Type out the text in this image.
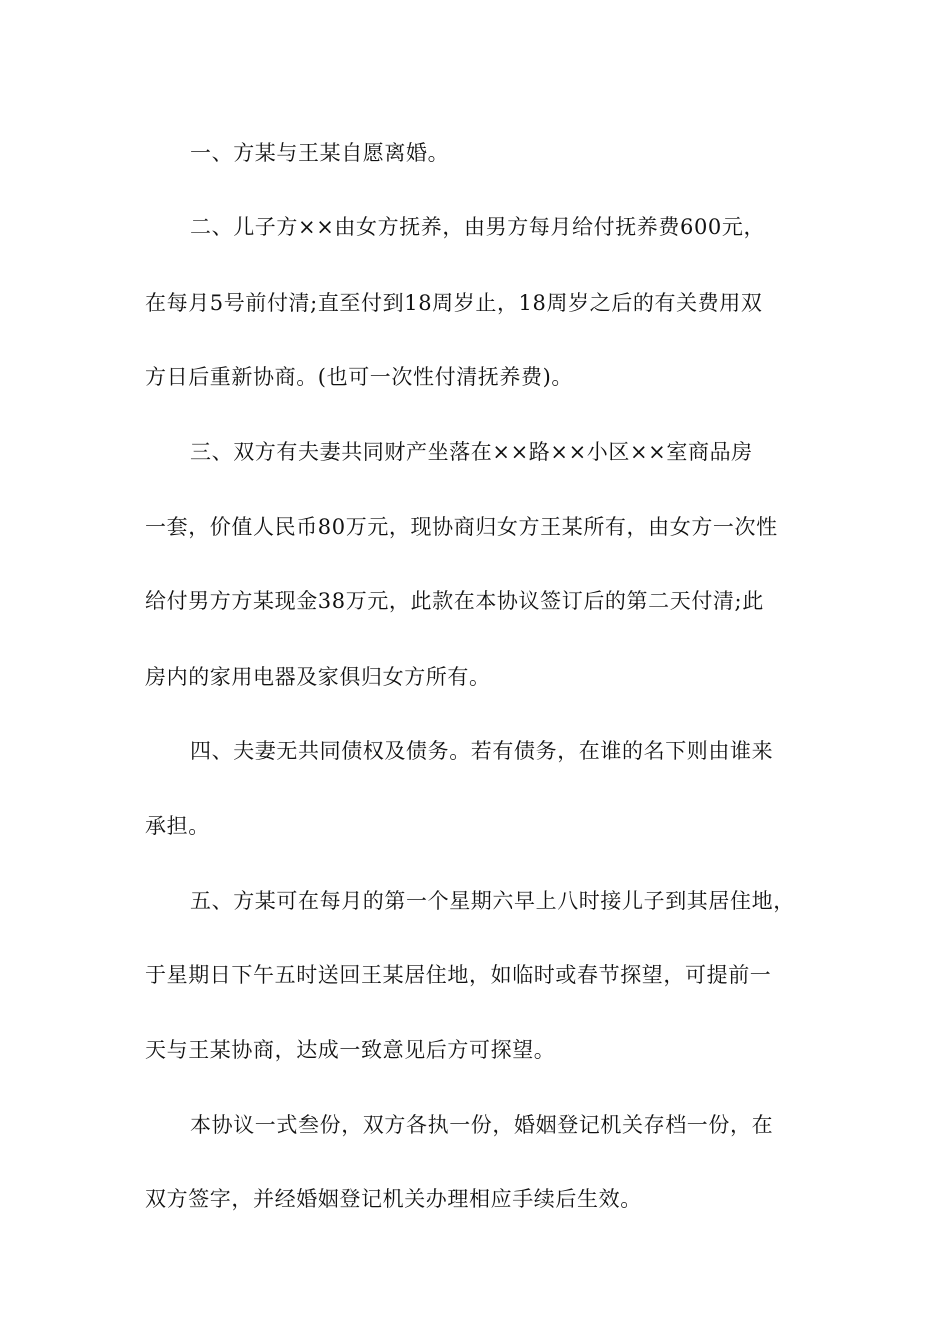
一、方某与王某自愿离婚。
二、儿子方××由女方抚养，由男方每月给付抚养费600元，
在每月5号前付清;直至付到18周岁止，18周岁之后的有关费用双
方日后重新协商。(也可一次性付清抚养费)。
三、双方有夫妻共同财产坐落在××路××小区××室商品房
一套，价值人民币80万元，现协商归女方王某所有，由女方一次性
给付男方方某现金38万元，此款在本协议签订后的第二天付清;此
房内的家用电器及家俱归女方所有。
四、夫妻无共同债权及债务。若有债务，在谁的名下则由谁来
承担。
五、方某可在每月的第一个星期六早上八时接儿子到其居住地，
于星期日下午五时送回王某居住地，如临时或春节探望，可提前一
天与王某协商，达成一致意见后方可探望。
本协议一式叁份，双方各执一份，婚姻登记机关存档一份，在
双方签字，并经婚姻登记机关办理相应手续后生效。
